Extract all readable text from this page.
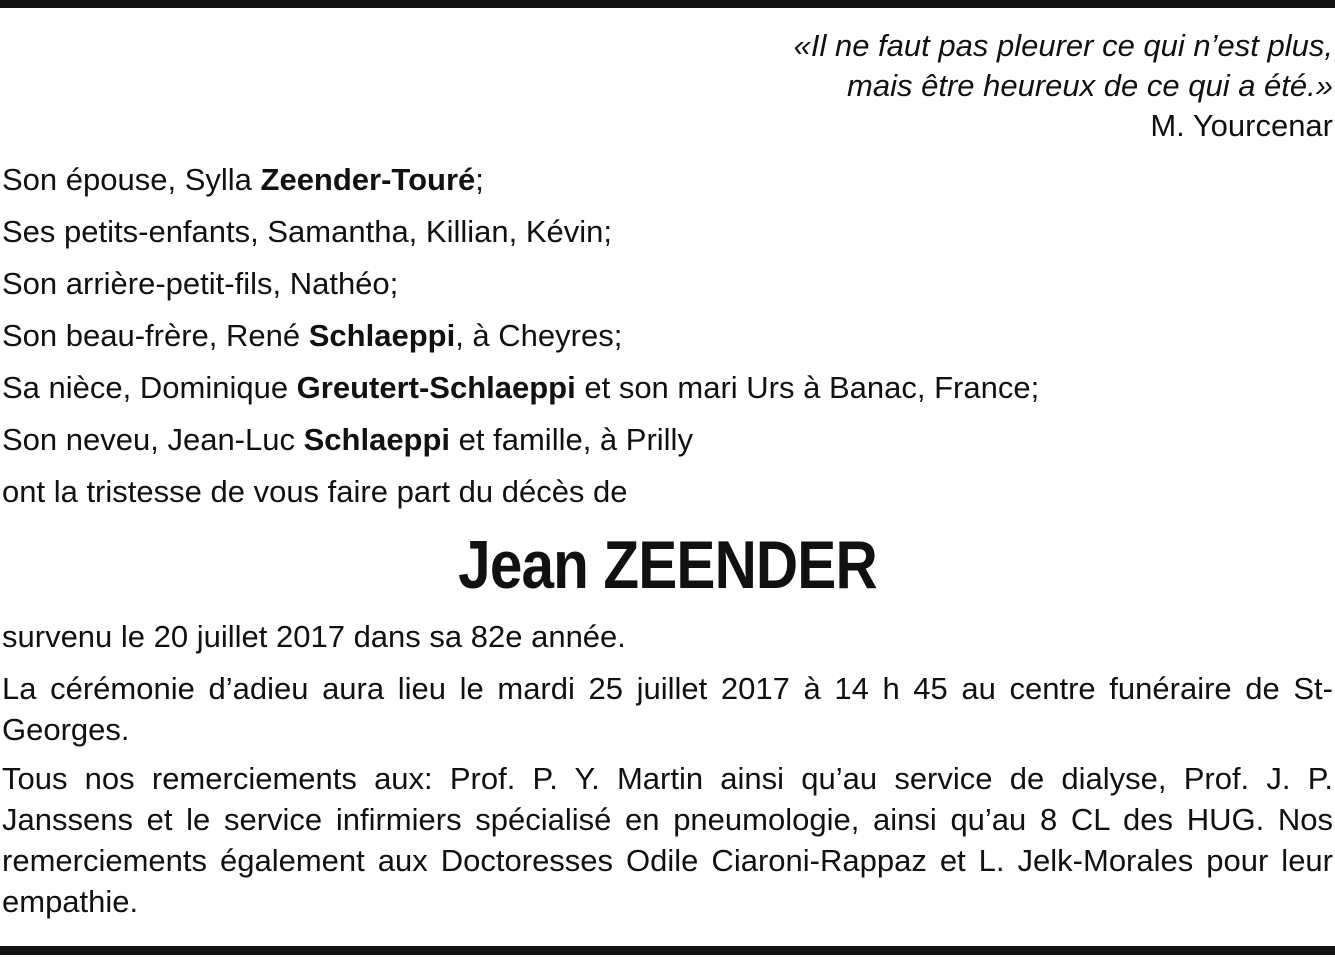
«Il ne faut pas pleurer ce qui n’est plus,
mais être heureux de ce qui a été.»
M. Yourcenar
Son épouse, Sylla Zeender-Touré;
Ses petits-enfants, Samantha, Killian, Kévin;
Son arrière-petit-fils, Nathéo;
Son beau-frère, René Schlaeppi, à Cheyres;
Sa nièce, Dominique Greutert-Schlaeppi et son mari Urs à Banac, France;
Son neveu, Jean-Luc Schlaeppi et famille, à Prilly
ont la tristesse de vous faire part du décès de
Jean ZEENDER
survenu le 20 juillet 2017 dans sa 82e année.
La cérémonie d’adieu aura lieu le mardi 25 juillet 2017 à 14 h 45 au centre funéraire de St-Georges.
Tous nos remerciements aux: Prof. P. Y. Martin ainsi qu’au service de dialyse, Prof. J. P. Janssens et le service infirmiers spécialisé en pneumologie, ainsi qu’au 8 CL des HUG. Nos remerciements également aux Doctoresses Odile Ciaroni-Rappaz et L. Jelk-Morales pour leur empathie.
